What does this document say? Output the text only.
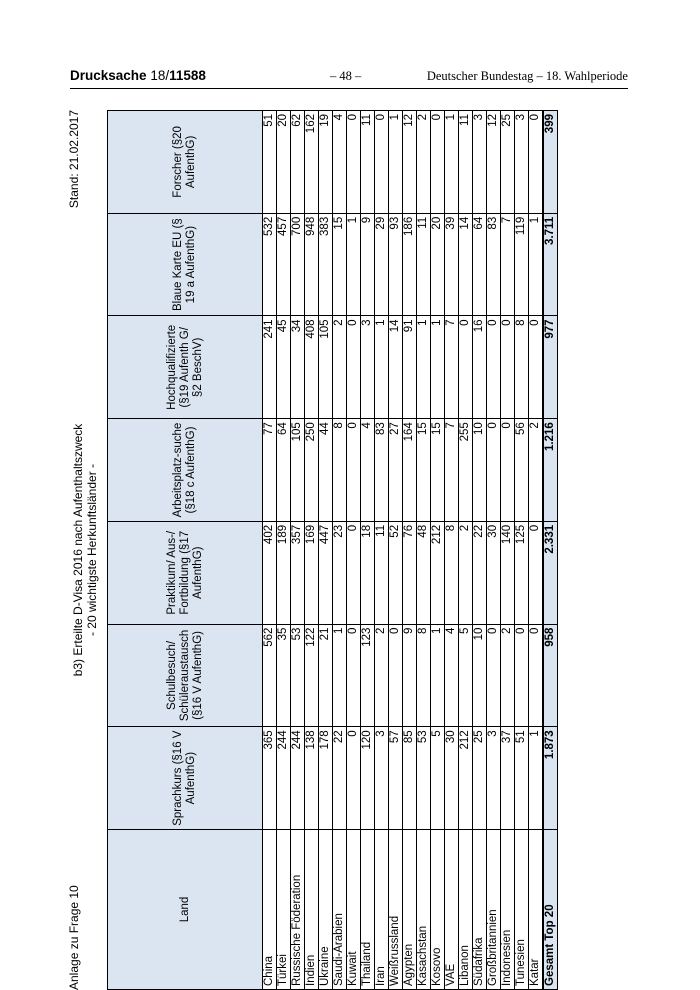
Drucksache 18/11588	– 48 –	Deutscher Bundestag – 18. Wahlperiode
Anlage zu Frage 10
b3) Erteilte D-Visa 2016 nach Aufenthaltszweck - 20 wichtigste Herkunftsländer -
Stand: 21.02.2017
Land	Sprachkurs (§16 V AufenthG)	Schulbesuch/ Schüleraustausch (§16 V AufenthG)	Praktikum/ Aus-/ Fortbildung (§17 AufenthG)	Arbeitsplatz-suche (§18 c AufenthG)	Hochqualifizierte (§19 Aufenth G/ §2 BeschV)	Blaue Karte EU (§ 19 a AufenthG)	Forscher (§20 AufenthG)
China	365	562	402	77	241	532	51
Türkei	244	35	189	64	45	457	20
Russische Föderation	244	53	357	105	34	700	62
Indien	138	122	169	250	408	948	162
Ukraine	178	21	447	44	105	383	19
Saudi-Arabien	22	1	23	8	2	15	4
Kuwait	0	0	0	0	0	1	0
Thailand	120	123	18	4	3	9	11
Iran	3	2	11	83	1	29	0
Weißrussland	57	0	52	27	14	93	1
Ägypten	85	9	76	164	91	186	12
Kasachstan	53	8	48	15	1	11	2
Kosovo	5	1	212	15	1	20	0
VAE	30	4	8	7	7	39	1
Libanon	212	5	2	255	0	14	11
Südafrika	25	10	22	10	16	64	3
Großbritannien	3	0	30	0	0	83	12
Indonesien	37	2	140	0	0	7	25
Tunesien	51	0	125	56	8	119	3
Katar	1	0	0	2	0	1	0
Gesamt Top 20	1.873	958	2.331	1.216	977	3.711	399
